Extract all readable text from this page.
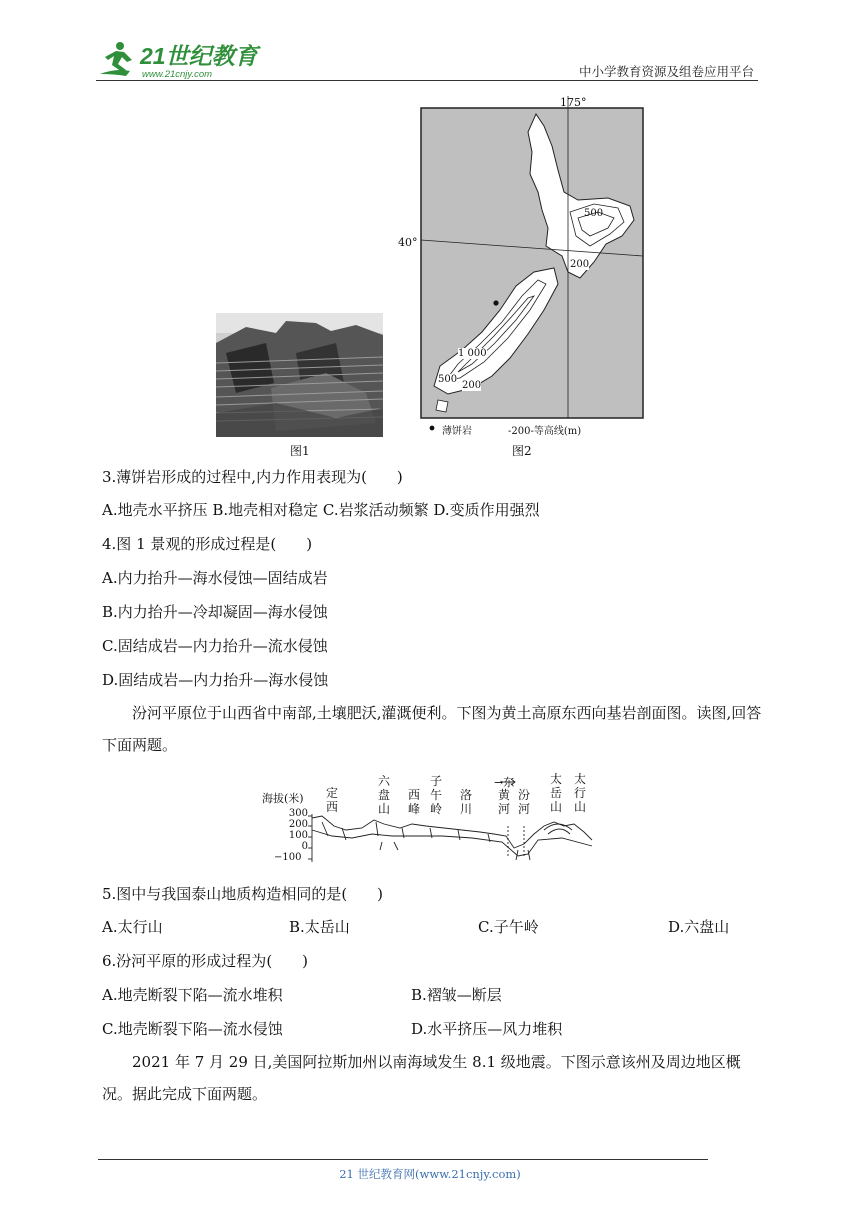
21世纪教育
www.21cnjy.com	中小学教育资源及组卷应用平台
图1
175°
40°
500
200
1 000
500
200
薄饼岩	-200-等高线(m)
图2
3.薄饼岩形成的过程中,内力作用表现为(　　)
A.地壳水平挤压 B.地壳相对稳定 C.岩浆活动频繁 D.变质作用强烈
4.图 1 景观的形成过程是(　　)
A.内力抬升—海水侵蚀—固结成岩
B.内力抬升—冷却凝固—海水侵蚀
C.固结成岩—内力抬升—流水侵蚀
D.固结成岩—内力抬升—海水侵蚀
汾河平原位于山西省中南部,土壤肥沃,灌溉便利。下图为黄土高原东西向基岩剖面图。读图,回答下面两题。
海拔(米)
300
200
100
0
−100
定西
六盘山
西峰
子午岭
洛川
黄河
汾河
太岳山
太行山
→东
5.图中与我国泰山地质构造相同的是(　　)
A.太行山	B.太岳山	C.子午岭	D.六盘山
6.汾河平原的形成过程为(　　)
A.地壳断裂下陷—流水堆积	B.褶皱—断层
C.地壳断裂下陷—流水侵蚀	D.水平挤压—风力堆积
2021 年 7 月 29 日,美国阿拉斯加州以南海域发生 8.1 级地震。下图示意该州及周边地区概况。据此完成下面两题。
21 世纪教育网(www.21cnjy.com)
